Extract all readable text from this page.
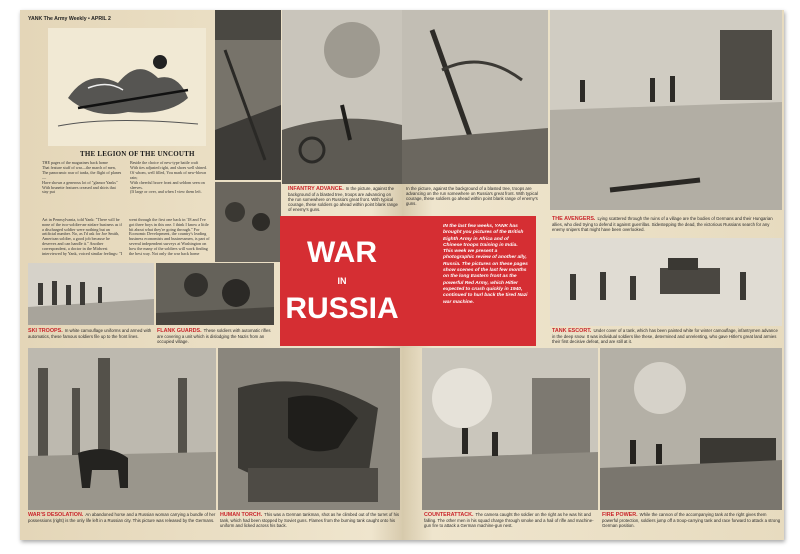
YANK The Army Weekly • APRIL 2
THE LEGION OF THE UNCOUTH
THE pages of the magazines back home
That feature stuff of war—the march of men,
The panoramic roar of tanks, the flight of planes—
Have shown a generous lot of "glamor Yanks"
With brunette features creased and shirts that stay put
Beside the choice of new-type battle craft
With ties adjusted right, and shoes well shined.
Of whom, well filled, You mark of new-blown rain;
With cheerful brave front and seldom seen on sleeves.
(If large or over, and when I view them left.
Art in Pennsylvania, told Yank: "There will be none of the two-soldier-an-airfare business as if a discharged soldier were nothing but an artificial number. No, as I'd ask for Joe Smith, American soldier, a good job because he deserves and can handle it." Another correspondent, a doctor in the Midwest interviewed by Yank, voiced similar feelings: "I went through the first one back in '18 and I've got three boys in this one. I think I know a little bit about what they're going through." For Economic Development, the country's leading business economists and businessmen, is part of several independent surveys at Washington on how the many of the soldiers will work finding the best way. Not only the war back home
INFANTRY ADVANCE. In the picture, against the background of a blasted tree, troops are advancing on the run somewhere on Russia's great front. With typical courage, these soldiers go ahead within point blank range of enemy's guns.
SKI TROOPS. In white camouflage uniforms and armed with automatics, these famous soldiers file up to the front lines.
FLANK GUARDS. These soldiers with automatic rifles are covering a unit which is dislodging the Nazis from an occupied village.
WAR'S DESOLATION. An abandoned horse and a Russian woman carrying a bundle of her possessions (right) is the only life left in a Russian city. This picture was released by the Germans.
HUMAN TORCH. This was a German tankman, shot as he climbed out of the turret of his tank, which had been stopped by Soviet guns. Flames from the burning tank caught onto his uniform and licked across his back.
In the picture, against the background of a blasted tree, troops are advancing on the run somewhere on Russia's great front. With typical courage, these soldiers go ahead within point blank range of enemy's guns.
THE AVENGERS. Lying scattered through the ruins of a village are the bodies of Germans and their Hungarian allies, who died trying to defend it against guerrillas. Sidestepping the dead, the victorious Russians search for any enemy snipers that might have been overlooked.
TANK ESCORT. Under cover of a tank, which has been painted white for winter camouflage, infantrymen advance in the deep snow. It was individual soldiers like these, determined and unrelenting, who gave Hitler's great land armies their first decisive defeat, and are still at it.
COUNTERATTACK. The camera caught the soldier on the right as he was hit and falling. The other men in his squad charge through smoke and a hail of rifle and machine-gun fire to attack a German machine-gun nest.
FIRE POWER. While the cannon of the accompanying tank at the right gives them powerful protection, soldiers jump off a troop-carrying tank and race forward to attack a strong German position.
WAR
IN
RUSSIA
IN the last few weeks, YANK has brought you pictures of the British Eighth Army in Africa and of Chinese troops training in India. This week we present a photographic review of another ally, Russia. The pictures on these pages show scenes of the last few months on the long Eastern front as the powerful Red Army, which Hitler expected to crush quickly in 1940, continued to hurl back the tired Nazi war machine.
